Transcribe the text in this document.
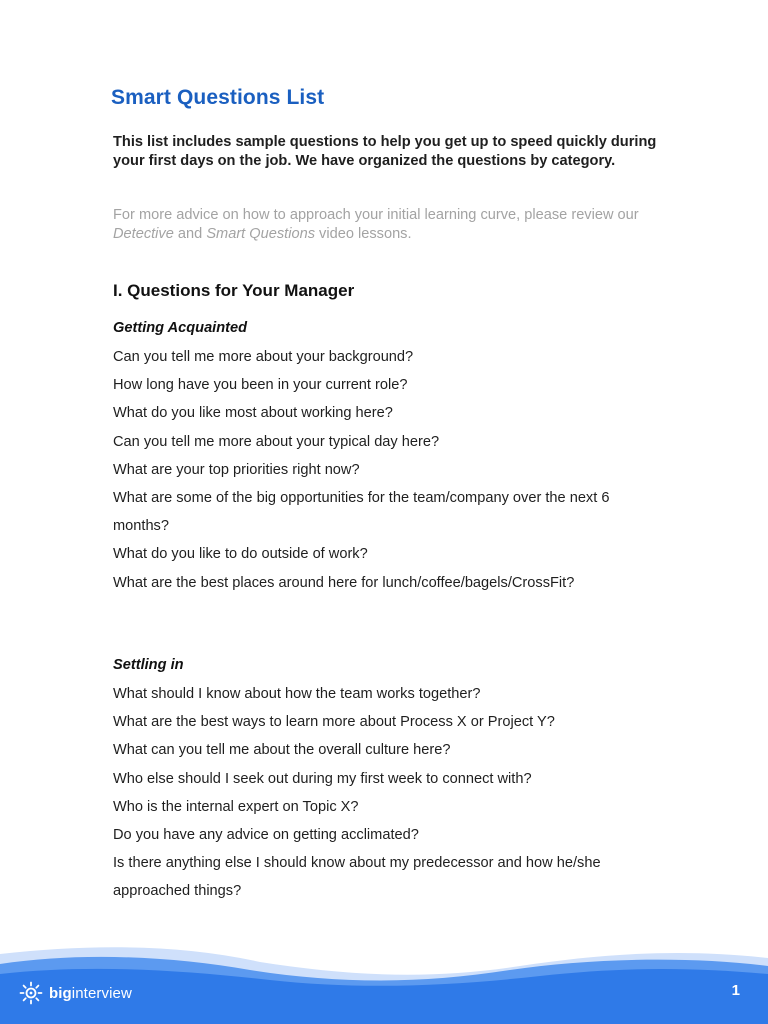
Smart Questions List

This list includes sample questions to help you get up to speed quickly during your first days on the job. We have organized the questions by category.

For more advice on how to approach your initial learning curve, please review our Detective and Smart Questions video lessons.

I. Questions for Your Manager
Getting Acquainted
Can you tell me more about your background?
How long have you been in your current role?
What do you like most about working here?
Can you tell me more about your typical day here?
What are your top priorities right now?
What are some of the big opportunities for the team/company over the next 6 months?
What do you like to do outside of work?
What are the best places around here for lunch/coffee/bagels/CrossFit?
Settling in
What should I know about how the team works together?
What are the best ways to learn more about Process X or Project Y?
What can you tell me about the overall culture here?
Who else should I seek out during my first week to connect with?
Who is the internal expert on Topic X?
Do you have any advice on getting acclimated?
Is there anything else I should know about my predecessor and how he/she approached things?
biginterview	1
